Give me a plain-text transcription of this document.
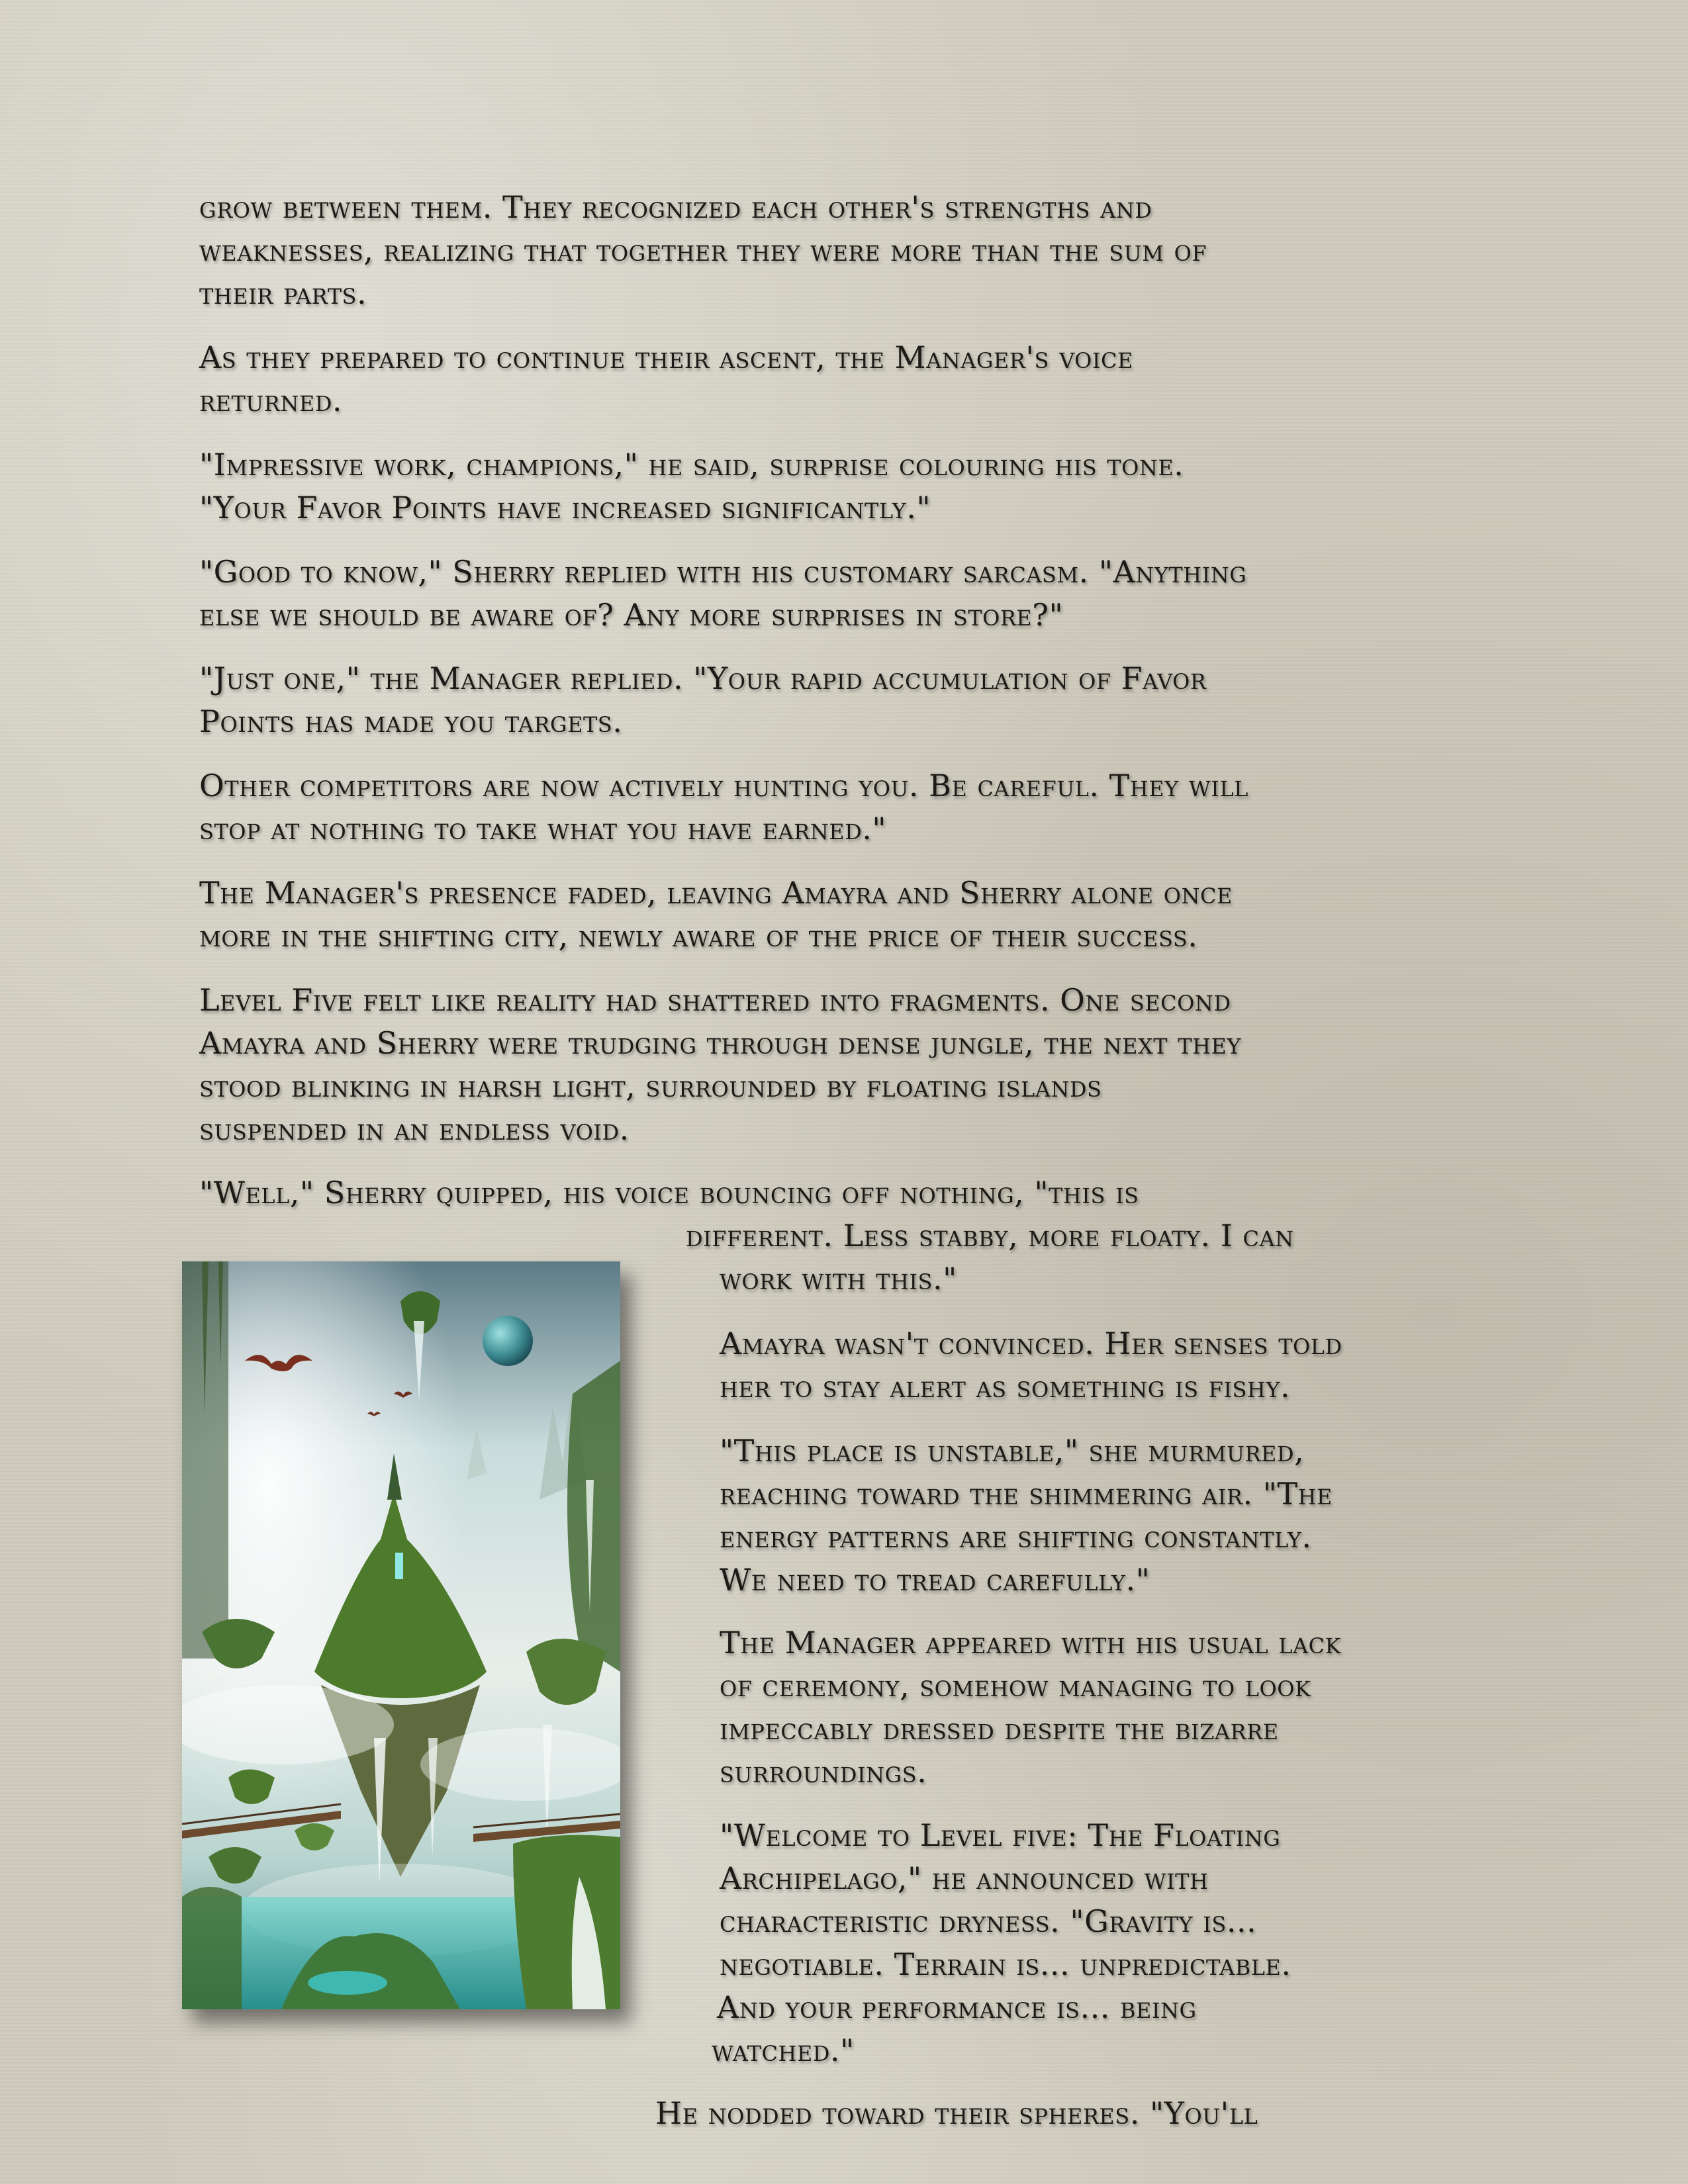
grow between them. They recognized each other's strengths and
weaknesses, realizing that together they were more than the sum of
their parts.

As they prepared to continue their ascent, the Manager's voice
returned.

"Impressive work, champions," he said, surprise colouring his tone.
"Your Favor Points have increased significantly."

"Good to know," Sherry replied with his customary sarcasm. "Anything
else we should be aware of? Any more surprises in store?"

"Just one," the Manager replied. "Your rapid accumulation of Favor
Points has made you targets.

Other competitors are now actively hunting you. Be careful. They will
stop at nothing to take what you have earned."

The Manager's presence faded, leaving Amayra and Sherry alone once
more in the shifting city, newly aware of the price of their success.

Level Five felt like reality had shattered into fragments. One second
Amayra and Sherry were trudging through dense jungle, the next they
stood blinking in harsh light, surrounded by floating islands
suspended in an endless void.

"Well," Sherry quipped, his voice bouncing off nothing, "this is
different. Less stabby, more floaty. I can
work with this."

Amayra wasn't convinced. Her senses told
her to stay alert as something is fishy.

"This place is unstable," she murmured,
reaching toward the shimmering air. "The
energy patterns are shifting constantly.
We need to tread carefully."

The Manager appeared with his usual lack
of ceremony, somehow managing to look
impeccably dressed despite the bizarre
surroundings.

"Welcome to Level five: The Floating
Archipelago," he announced with
characteristic dryness. "Gravity is...
negotiable. Terrain is... unpredictable.
And your performance is... being
watched."

He nodded toward their spheres. "You'll
